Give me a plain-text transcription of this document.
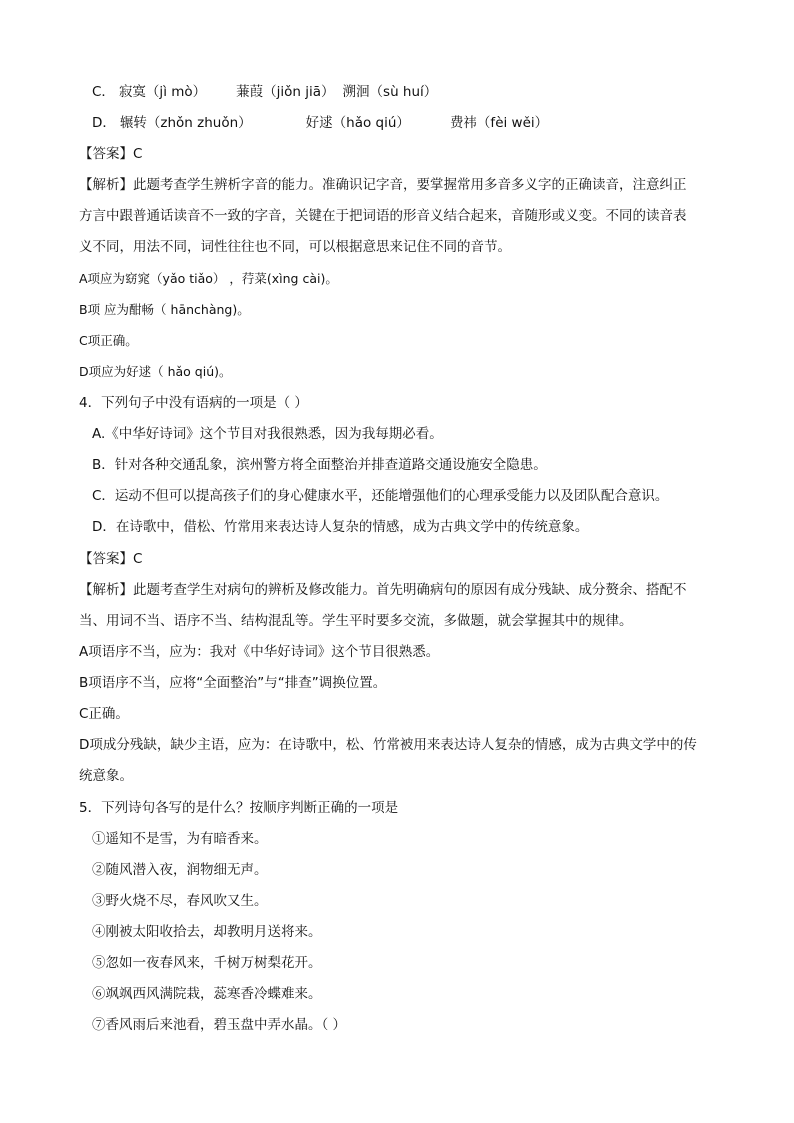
C． 寂寞（jì mò） 蒹葭（jiǒn jiā） 溯洄（sù huí）
D． 辗转（zhǒn zhuǒn）	好逑（hǎo qiú）	费祎（fèi wěi）
【答案】C
【解析】此题考查学生辨析字音的能力。准确识记字音，要掌握常用多音多义字的正确读音，注意纠正
方言中跟普通话读音不一致的字音，关键在于把词语的形音义结合起来，音随形或义变。不同的读音表
义不同，用法不同，词性往往也不同，可以根据意思来记住不同的音节。
A项应为窈窕（yǎo tiǎo） ，荇菜(xìng cài)。
B项 应为酣畅（ hānchàng)。
C项正确。
D项应为好逑（ hǎo qiú)。
4．下列句子中没有语病的一项是（ ）
A.《中华好诗词》这个节目对我很熟悉，因为我每期必看。
B．针对各种交通乱象，滨州警方将全面整治并排查道路交通设施安全隐患。
C．运动不但可以提高孩子们的身心健康水平，还能增强他们的心理承受能力以及团队配合意识。
D．在诗歌中，借松、竹常用来表达诗人复杂的情感，成为古典文学中的传统意象。
【答案】C
【解析】此题考查学生对病句的辨析及修改能力。首先明确病句的原因有成分残缺、成分赘余、搭配不
当、用词不当、语序不当、结构混乱等。学生平时要多交流，多做题，就会掌握其中的规律。
A项语序不当，应为：我对《中华好诗词》这个节目很熟悉。
B项语序不当，应将“全面整治”与“排查”调换位置。
C正确。
D项成分残缺，缺少主语，应为：在诗歌中，松、竹常被用来表达诗人复杂的情感，成为古典文学中的传
统意象。
5．下列诗句各写的是什么？按顺序判断正确的一项是
①遥知不是雪，为有暗香来。
②随风潜入夜，润物细无声。
③野火烧不尽，春风吹又生。
④刚被太阳收拾去，却教明月送将来。
⑤忽如一夜春风来，千树万树梨花开。
⑥飒飒西风满院栽，蕊寒香冷蝶难来。
⑦香风雨后来池看，碧玉盘中弄水晶。（ ）
